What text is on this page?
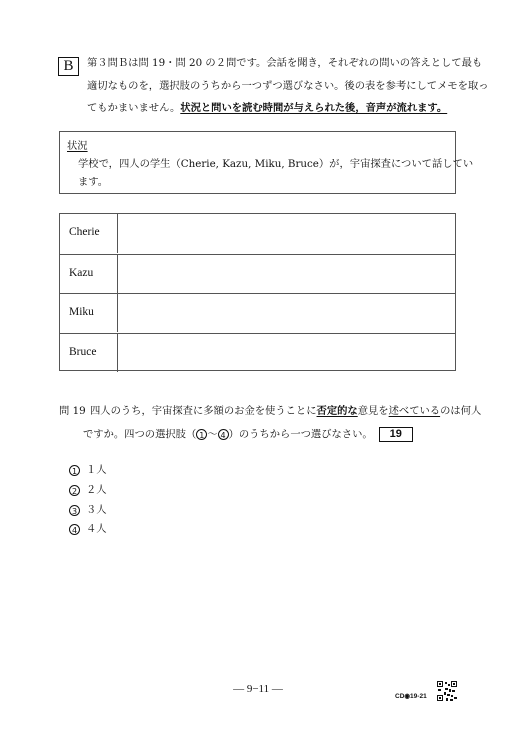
B	第３問Ｂは問 19・問 20 の２問です。会話を聞き，それぞれの問いの答えとして最も
適切なものを，選択肢のうちから一つずつ選びなさい。後の表を参考にしてメモを取っ
てもかまいません。状況と問いを読む時間が与えられた後，音声が流れます。
状況
学校で，四人の学生（Cherie, Kazu, Miku, Bruce）が，宇宙探査について話してい
ます。
Cherie
Kazu
Miku
Bruce
問 19 四人のうち，宇宙探査に多額のお金を使うことに否定的な意見を述べているのは何人
ですか。四つの選択肢（ 1 〜 4 ）のうちから一つ選びなさい。 19
1 １人
2 ２人
3 ３人
4 ４人
— 9−11 —
CD◉19-21
